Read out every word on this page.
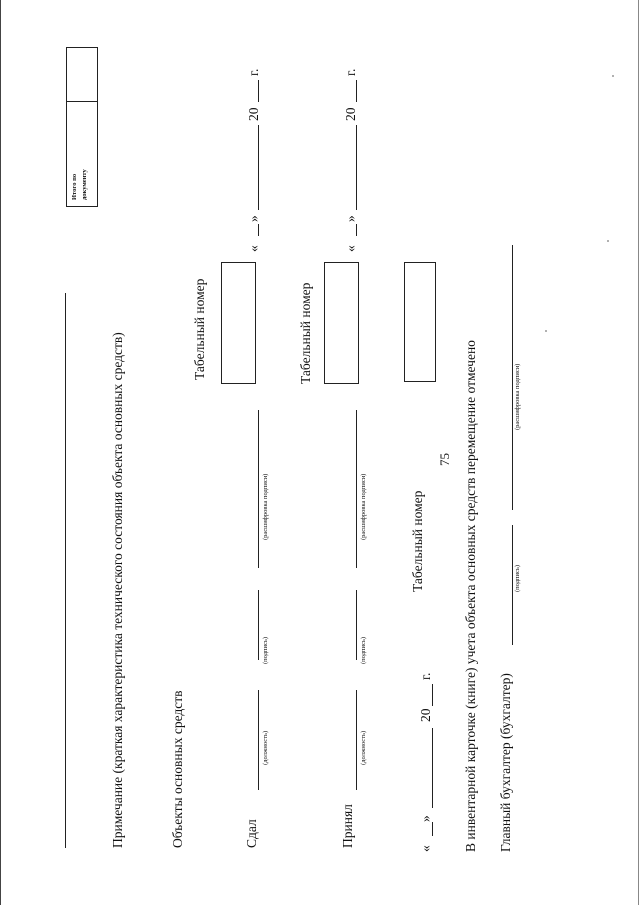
75
Примечание (краткая характеристика технического состояния объекта основных средств)
Итого по документу
Объекты основных средств	Сдал
(должность)
(подпись)
(расшифровка подписи)
Табельный номер
«
»
20
г.
Принял
(должность)
(подпись)
(расшифровка подписи)
Табельный номер
«
»
20
г.
«
»
20
г.
Табельный номер	В инвентарной карточке (книге) учета объекта основных средств перемещение отмечено Главный бухгалтер (бухгалтер)
(подпись)
(расшифровка подписи)
